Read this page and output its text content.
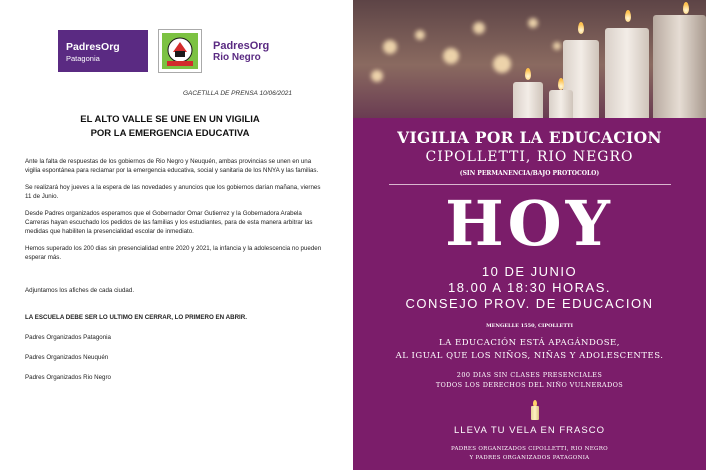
PadresOrg
Patagonia
PadresOrg
Rio Negro
GACETILLA DE PRENSA 10/06/2021
EL ALTO VALLE SE UNE EN UN VIGILIA
POR LA EMERGENCIA EDUCATIVA

Ante la falta de respuestas de los gobiernos de Rio Negro y Neuquén, ambas provincias se unen en una vigilia espontánea para reclamar por la emergencia educativa, social y sanitaria de los NNYA y las familias.

Se realizará hoy jueves a la espera de las novedades y anuncios que los gobiernos darían mañana, viernes 11 de Junio.

Desde Padres organizados esperamos que el Gobernador Omar Gutierrez y la Gobernadora Arabela Carreras hayan escuchado los pedidos de las familias y los estudiantes, para de esta manera arbitrar las medidas que habiliten la presencialidad escolar de inmediato.

Hemos superado los 200 dias sin presencialidad entre 2020 y 2021, la infancia y la adolescencia no pueden esperar más.

Adjuntamos los afiches de cada ciudad.

LA ESCUELA DEBE SER LO ULTIMO EN CERRAR, LO PRIMERO EN ABRIR.

Padres Organizados Patagonia

Padres Organizados Neuquén

Padres Organizados Rio Negro

VIGILIA POR LA EDUCACION
CIPOLLETTI, RIO NEGRO
(SIN PERMANENCIA/BAJO PROTOCOLO)
HOY
10 DE JUNIO
18.00 A 18:30 HORAS.
CONSEJO PROV. DE EDUCACION
MENGELLE 1550, CIPOLLETTI
LA EDUCACIÓN ESTÁ APAGÁNDOSE,
AL IGUAL QUE LOS NIÑOS, NIÑAS Y ADOLESCENTES.
200 DIAS SIN CLASES PRESENCIALES
TODOS LOS DERECHOS DEL NIÑO VULNERADOS
LLEVA TU VELA EN FRASCO
PADRES ORGANIZADOS CIPOLLETTI, RIO NEGRO
Y PADRES ORGANIZADOS PATAGONIA
